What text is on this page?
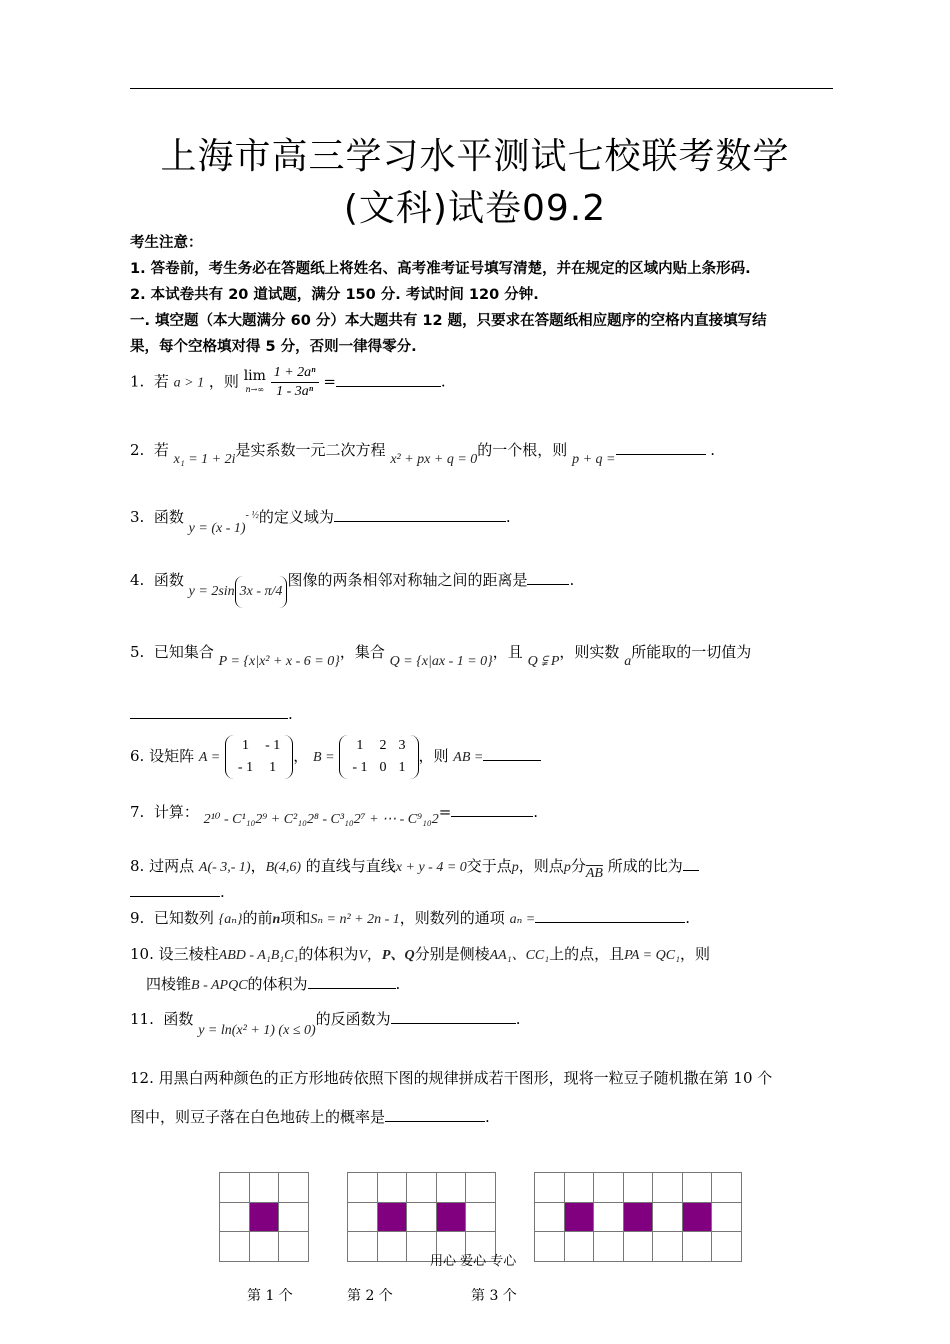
上海市高三学习水平测试七校联考数学
(文科)试卷09.2
考生注意：
1. 答卷前，考生务必在答题纸上将姓名、高考准考证号填写清楚，并在规定的区域内贴上条形码.
2. 本试卷共有 20 道试题，满分 150 分. 考试时间 120 分钟.
一. 填空题（本大题满分 60 分）本大题共有 12 题，只要求在答题纸相应题序的空格内直接填写结
果，每个空格填对得 5 分，否则一律得零分.
1. 若 a > 1 ，则 lim
n→∞
$\frac{\text{1 + 2aⁿ}}{\text{1 - 3aⁿ}}$ =	.
2. 若 x₁ = 1 + 2i是实系数一元二次方程 x² + px + q = 0的一个根，则 p + q = .
3. 函数 y = (x - 1)$^{- \frac{1}{2}}$的定义域为	.
4. 函数 y = 2sin 3x - π/4图像的两条相邻对称轴之间的距离是	.
5. 已知集合 P = {x|x² + x - 6 = 0}，集合 Q = {x|ax - 1 = 0}，且 Q ⫋ P，则实数 a所能取的一切值为
.
6. 设矩阵 A =
1	- 1
- 1	1
， B =
1	2	3
- 1	0	1
，则 AB =
7. 计算： 2¹⁰ - C¹₁₀2⁹ + C²₁₀2⁸ - C³₁₀2⁷ + ⋯ - C⁹₁₀2=	.
8. 过两点 A(- 3,- 1)，B(4,6) 的直线与直线x + y - 4 = 0交于点p，则点p分$\overline{AB}$ 所成的比为
.
9. 已知数列 {aₙ}的前n项和Sₙ = n² + 2n - 1，则数列的通项 aₙ =	.
10. 设三棱柱ABD - A₁B₁C₁的体积为V，P、Q分别是侧棱AA₁、CC₁上的点，且PA = QC₁，则
四棱锥B - APQC的体积为	.
11. 函数 y = ln(x² + 1) (x ≤ 0)的反函数为	.
12. 用黑白两种颜色的正方形地砖依照下图的规律拼成若干图形，现将一粒豆子随机撒在第 10 个
图中，则豆子落在白色地砖上的概率是	.
用心 爱心 专心
第 1 个	第 2 个	第 3 个
